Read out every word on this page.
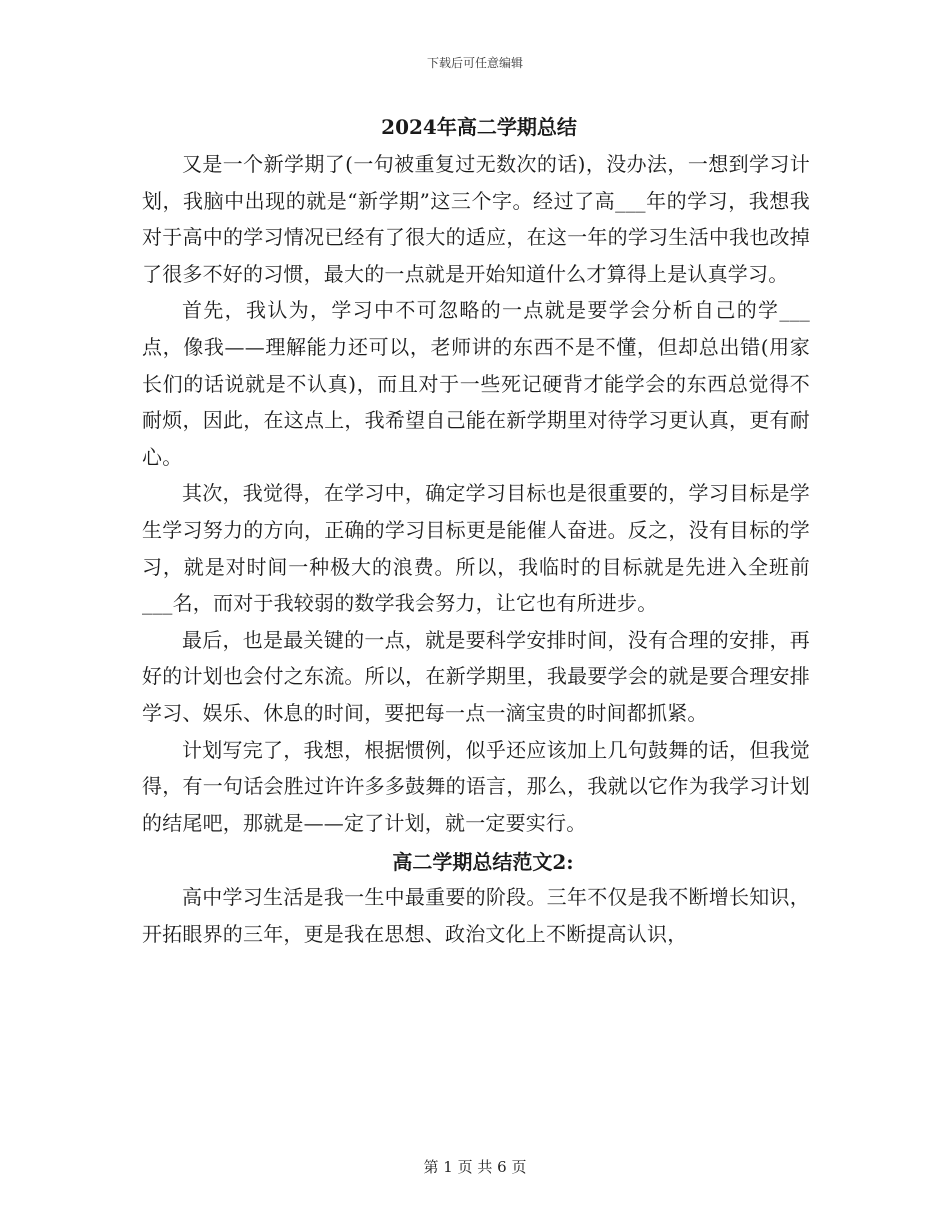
下载后可任意编辑
2024年高二学期总结

又是一个新学期了(一句被重复过无数次的话)，没办法，一想到学习计划，我脑中出现的就是“新学期”这三个字。经过了高___年的学习，我想我对于高中的学习情况已经有了很大的适应，在这一年的学习生活中我也改掉了很多不好的习惯，最大的一点就是开始知道什么才算得上是认真学习。

首先，我认为，学习中不可忽略的一点就是要学会分析自己的学___点，像我——理解能力还可以，老师讲的东西不是不懂，但却总出错(用家长们的话说就是不认真)，而且对于一些死记硬背才能学会的东西总觉得不耐烦，因此，在这点上，我希望自己能在新学期里对待学习更认真，更有耐心。

其次，我觉得，在学习中，确定学习目标也是很重要的，学习目标是学生学习努力的方向，正确的学习目标更是能催人奋进。反之，没有目标的学习，就是对时间一种极大的浪费。所以，我临时的目标就是先进入全班前___名，而对于我较弱的数学我会努力，让它也有所进步。

最后，也是最关键的一点，就是要科学安排时间，没有合理的安排，再好的计划也会付之东流。所以，在新学期里，我最要学会的就是要合理安排学习、娱乐、休息的时间，要把每一点一滴宝贵的时间都抓紧。

计划写完了，我想，根据惯例，似乎还应该加上几句鼓舞的话，但我觉得，有一句话会胜过许许多多鼓舞的语言，那么，我就以它作为我学习计划的结尾吧，那就是——定了计划，就一定要实行。

高二学期总结范文2:

高中学习生活是我一生中最重要的阶段。三年不仅是我不断增长知识，开拓眼界的三年，更是我在思想、政治文化上不断提高认识，

第 1 页 共 6 页
